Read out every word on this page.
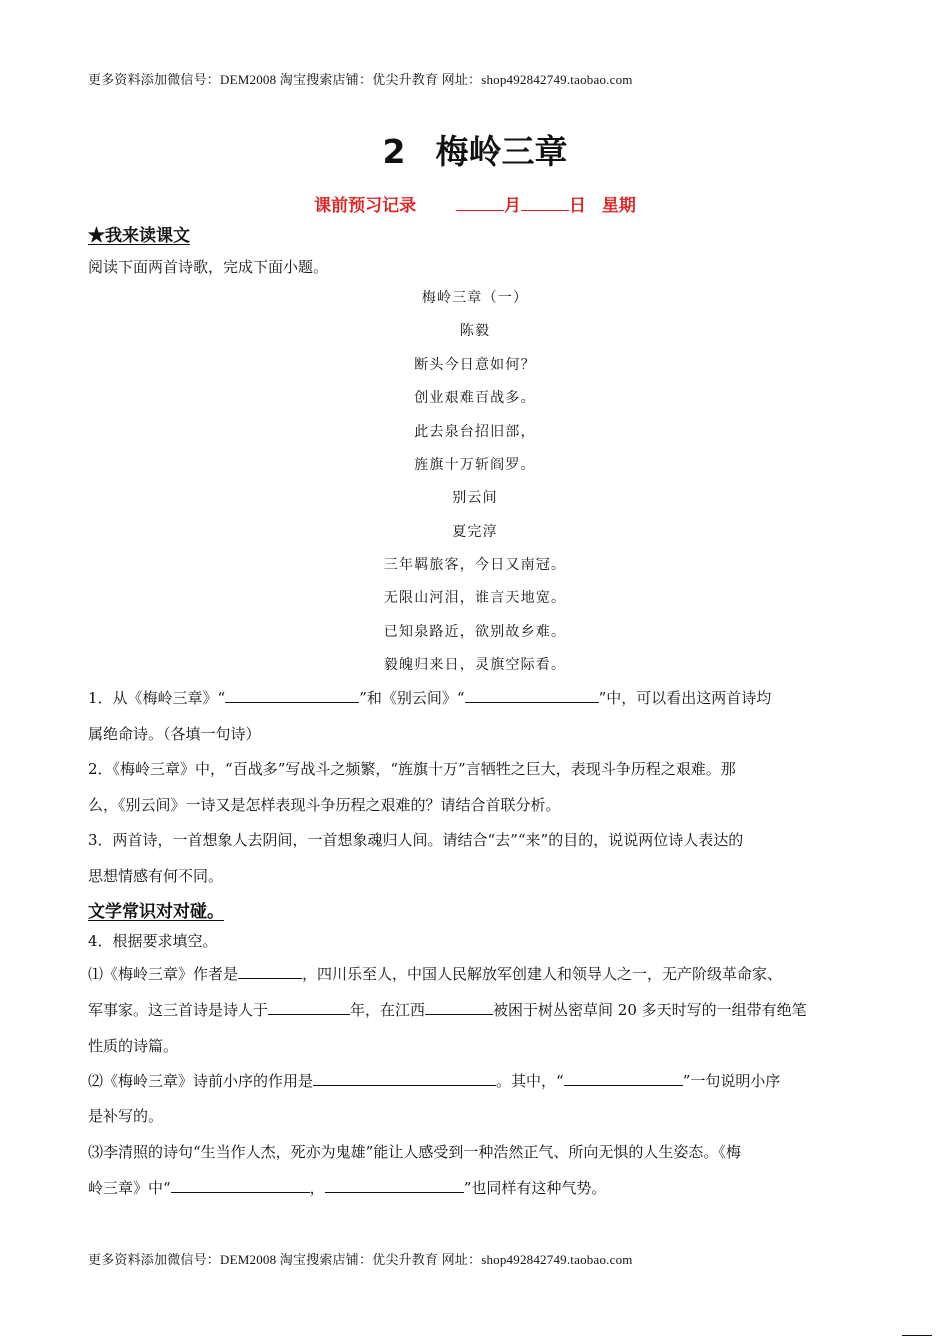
更多资料添加微信号：DEM2008 淘宝搜索店铺：优尖升教育 网址：shop492842749.taobao.com
2 梅岭三章
课前预习记录	月	日 星期
★我来读课文
阅读下面两首诗歌，完成下面小题。
梅岭三章（一）
陈毅
断头今日意如何？
创业艰难百战多。
此去泉台招旧部，
旌旗十万斩阎罗。
别云间
夏完淳
三年羁旅客，今日又南冠。
无限山河泪，谁言天地宽。
已知泉路近，欲别故乡难。
毅魄归来日，灵旗空际看。
1．从《梅岭三章》“	”和《别云间》“	”中，可以看出这两首诗均
属绝命诗。（各填一句诗）
2．《梅岭三章》中，“百战多”写战斗之频繁，“旌旗十万”言牺牲之巨大，表现斗争历程之艰难。那
么，《别云间》一诗又是怎样表现斗争历程之艰难的？请结合首联分析。
3．两首诗，一首想象人去阴间，一首想象魂归人间。请结合“去”“来”的目的，说说两位诗人表达的
思想情感有何不同。
文学常识对对碰。
4．根据要求填空。
⑴《梅岭三章》作者是	，四川乐至人，中国人民解放军创建人和领导人之一，无产阶级革命家、
军事家。这三首诗是诗人于	年，在江西	被困于树丛密草间 20 多天时写的一组带有绝笔
性质的诗篇。
⑵《梅岭三章》诗前小序的作用是	。其中，“	”一句说明小序
是补写的。
⑶李清照的诗句“生当作人杰，死亦为鬼雄”能让人感受到一种浩然正气、所向无惧的人生姿态。《梅
岭三章》中“	，	”也同样有这种气势。
更多资料添加微信号：DEM2008 淘宝搜索店铺：优尖升教育 网址：shop492842749.taobao.com
